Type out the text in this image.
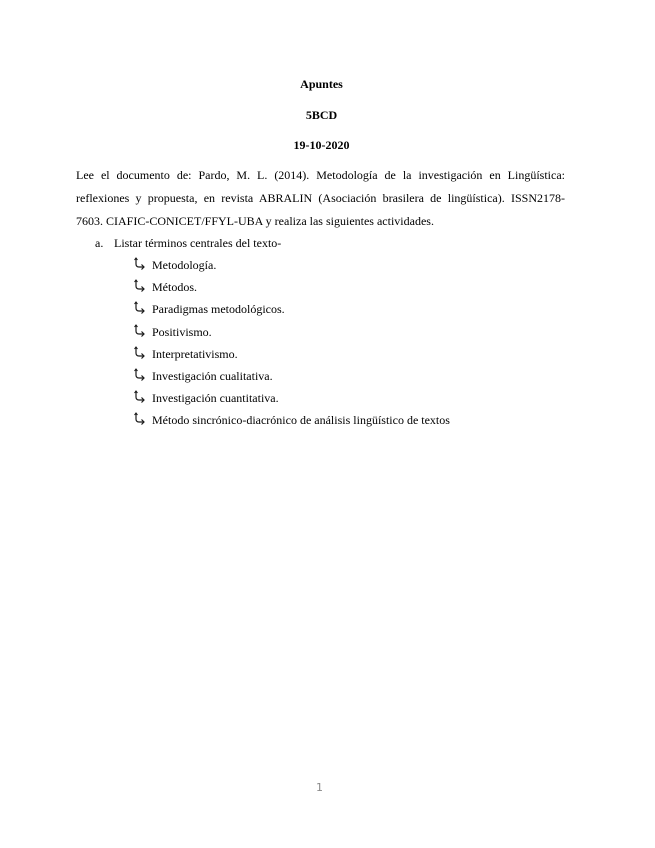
Apuntes
5BCD
19-10-2020
Lee el documento de: Pardo, M. L. (2014). Metodología de la investigación en Lingüística:
reflexiones y propuesta, en revista ABRALIN (Asociación brasilera de lingüística). ISSN2178-
7603. CIAFIC-CONICET/FFYL-UBA y realiza las siguientes actividades.
a. Listar términos centrales del texto-
Metodología.
Métodos.
Paradigmas metodológicos.
Positivismo.
Interpretativismo.
Investigación cualitativa.
Investigación cuantitativa.
Método sincrónico-diacrónico de análisis lingüístico de textos
1
